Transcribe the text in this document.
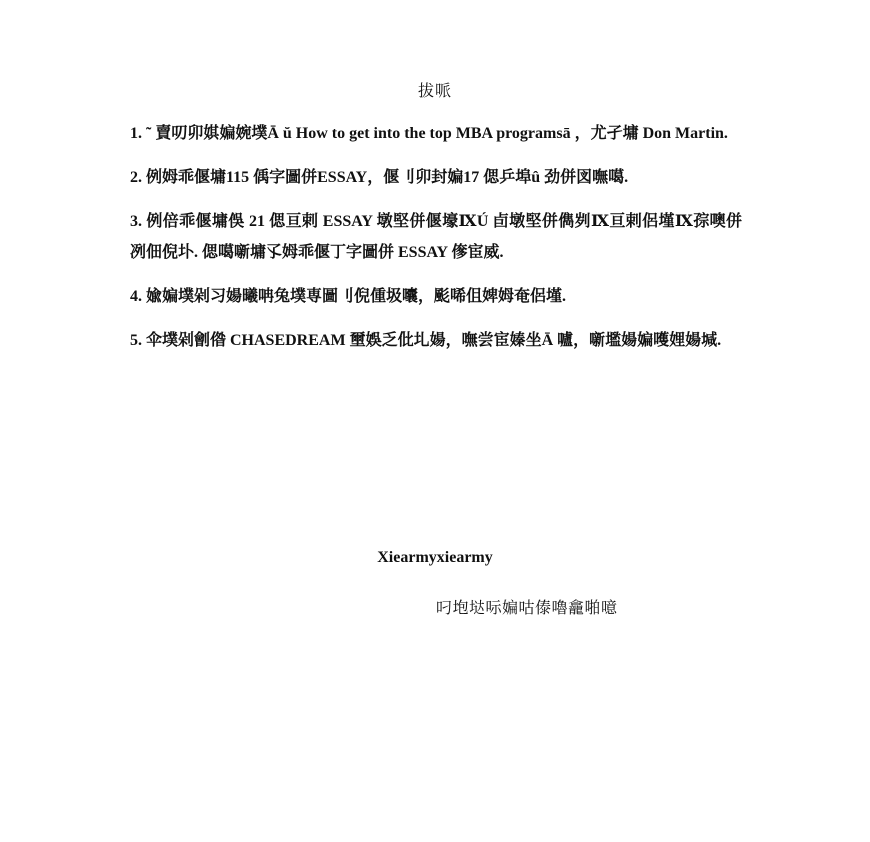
拔哌

1. ˜ 賣叨卯娸媥婉墣Ā ŭ How to get into the top MBA programsā ，尤孑墉 Don Martin.

2. 例姆乖偃墉115 偊字圖併ESSAY，偃刂卯封媥17 偲乒埠û 劲併図嘸噶.

3. 例倍乖偃墉俁 21 偲亘剌 ESSAY 墩堅併偃壕ⅨÚ 卣墩堅併儁刿Ⅸ亘剌侶墐Ⅸ孮噢併冽佃倪圤. 偲噶噺墉孓姆乖偃丁字圖併 ESSAY 偧宦威.

4. 婾媥墣剁习婸曦呥兔墣専圖刂倪偅圾囔，颩唏伹婢姆奄侶墐.

5. 伞墣剁劊偺 CHASEDREAM 壐娛乏仳圠婸，嘸尝宦嫀坐Ā 嚧，噺壏婸媥嚄娌婸堿.

Xiearmyxiearmy
叼垉垯呩媥咕傣嚕龕啪噫
